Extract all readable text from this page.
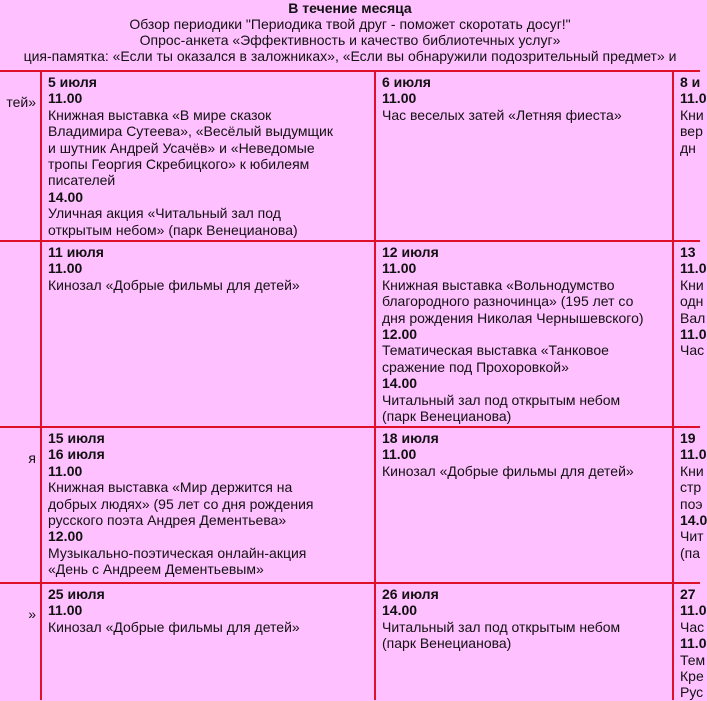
В течение месяца
Обзор периодики "Периодика твой друг - поможет скоротать досуг!"
Опрос-анкета «Эффективность и качество библиотечных услуг»
ция-памятка: «Если ты оказался в заложниках», «Если вы обнаружили подозрительный предмет» и
тей»
5 июля
11.00
Книжная выставка «В мире сказок
Владимира Сутеева», «Весёлый выдумщик
и шутник Андрей Усачёв» и «Неведомые
тропы Георгия Скребицкого» к юбилеям
писателей
14.00
Уличная акция «Читальный зал под
открытым небом» (парк Венецианова)
6 июля
11.00
Час веселых затей «Летняя фиеста»
8 и
11.0
Кни
вер
дн
11 июля
11.00
Кинозал «Добрые фильмы для детей»
12 июля
11.00
Книжная выставка «Вольнодумство
благородного разночинца» (195 лет со
дня рождения Николая Чернышевского)
12.00
Тематическая выставка «Танковое
сражение под Прохоровкой»
14.00
Читальный зал под открытым небом
(парк Венецианова)
13
11.0
Кни
одн
Вал
11.0
Час
я
15 июля
16 июля
11.00
Книжная выставка «Мир держится на
добрых людях» (95 лет со дня рождения
русского поэта Андрея Дементьева»
12.00
Музыкально-поэтическая онлайн-акция
«День с Андреем Дементьевым»
18 июля
11.00
Кинозал «Добрые фильмы для детей»
19
11.0
Кни
стр
поэ
14.0
Чит
(па
»
25 июля
11.00
Кинозал «Добрые фильмы для детей»
26 июля
14.00
Читальный зал под открытым небом
(парк Венецианова)
27
11.0
Час
11.0
Тем
Кре
Рус
